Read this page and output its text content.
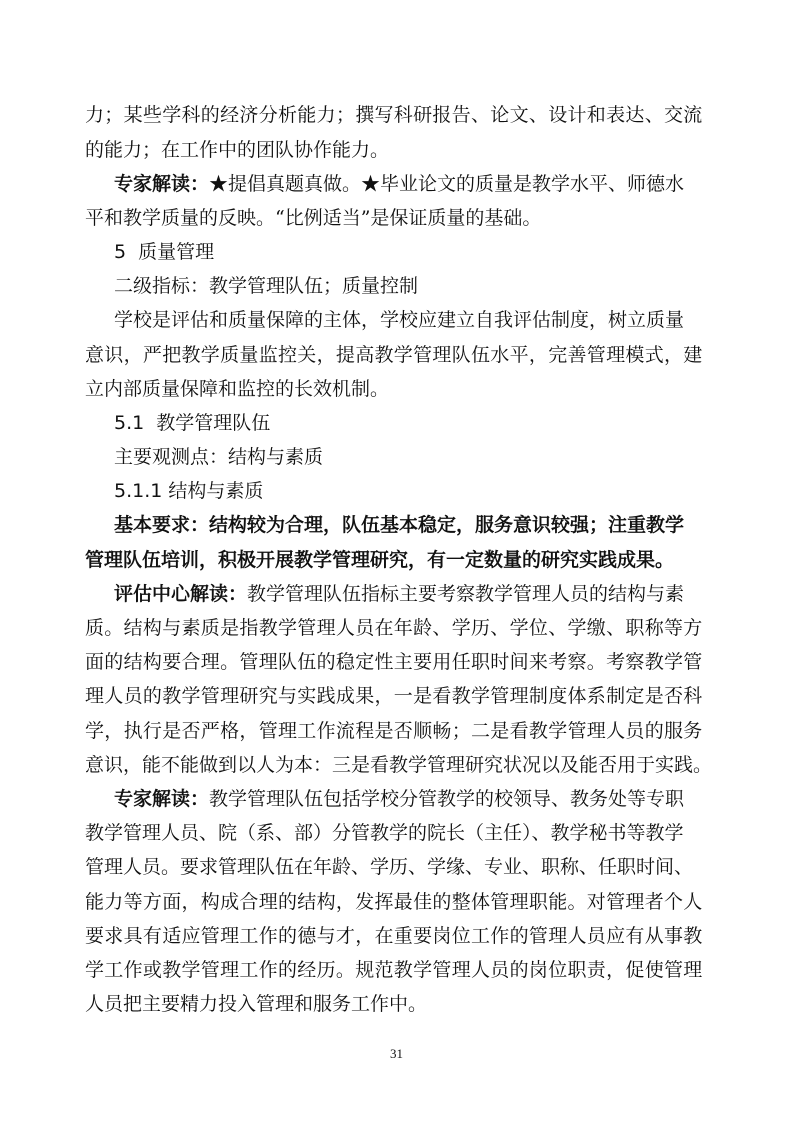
力；某些学科的经济分析能力；撰写科研报告、论文、设计和表达、交流
的能力；在工作中的团队协作能力。
专家解读：★提倡真题真做。★毕业论文的质量是教学水平、师德水
平和教学质量的反映。“比例适当”是保证质量的基础。
5  质量管理
二级指标：教学管理队伍；质量控制
学校是评估和质量保障的主体，学校应建立自我评估制度，树立质量
意识，严把教学质量监控关，提高教学管理队伍水平，完善管理模式，建
立内部质量保障和监控的长效机制。
5.1  教学管理队伍
主要观测点：结构与素质
5.1.1 结构与素质
基本要求：结构较为合理，队伍基本稳定，服务意识较强；注重教学
管理队伍培训，积极开展教学管理研究，有一定数量的研究实践成果。
评估中心解读：教学管理队伍指标主要考察教学管理人员的结构与素
质。结构与素质是指教学管理人员在年龄、学历、学位、学缴、职称等方
面的结构要合理。管理队伍的稳定性主要用任职时间来考察。考察教学管
理人员的教学管理研究与实践成果，一是看教学管理制度体系制定是否科
学，执行是否严格，管理工作流程是否顺畅；二是看教学管理人员的服务
意识，能不能做到以人为本：三是看教学管理研究状况以及能否用于实践。
专家解读：教学管理队伍包括学校分管教学的校领导、教务处等专职
教学管理人员、院（系、部）分管教学的院长（主任）、教学秘书等教学
管理人员。要求管理队伍在年龄、学历、学缘、专业、职称、任职时间、
能力等方面，构成合理的结构，发挥最佳的整体管理职能。对管理者个人
要求具有适应管理工作的德与才，在重要岗位工作的管理人员应有从事教
学工作或教学管理工作的经历。规范教学管理人员的岗位职责，促使管理
人员把主要精力投入管理和服务工作中。
31
